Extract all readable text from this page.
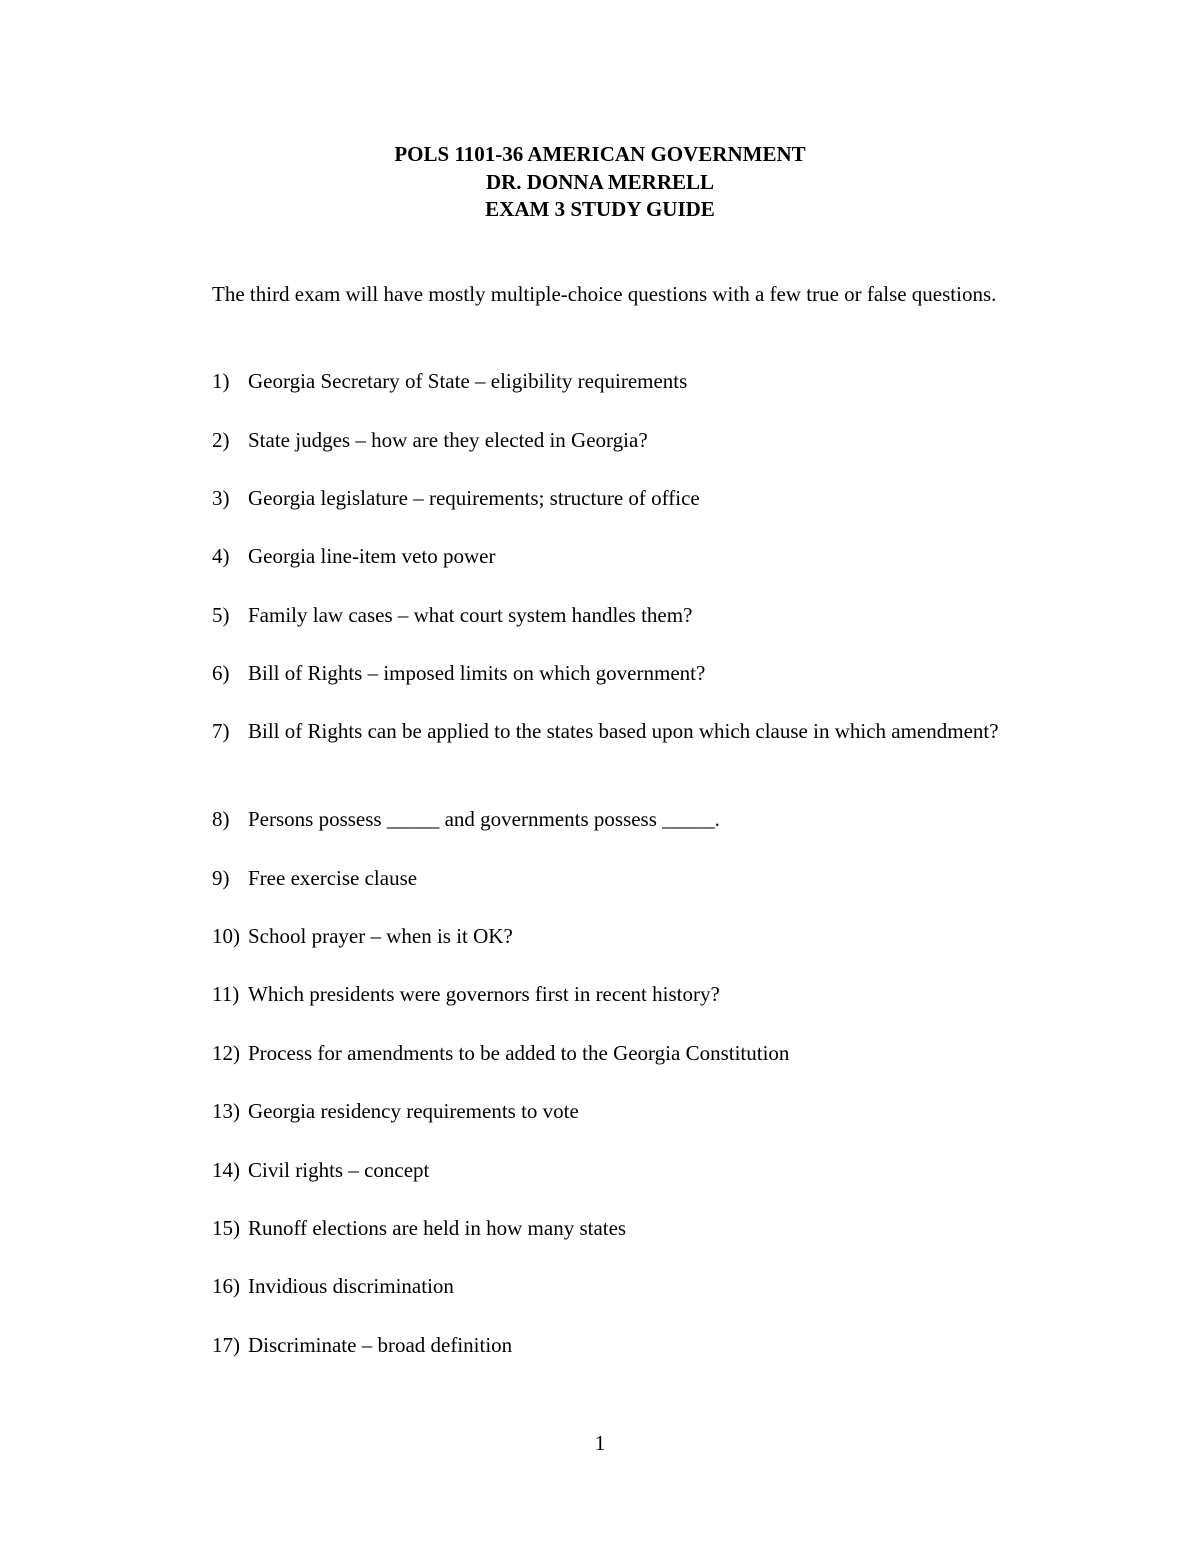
POLS 1101-36 AMERICAN GOVERNMENT
DR. DONNA MERRELL
EXAM 3 STUDY GUIDE
The third exam will have mostly multiple-choice questions with a few true or false questions.
1) Georgia Secretary of State – eligibility requirements
2) State judges – how are they elected in Georgia?
3) Georgia legislature – requirements; structure of office
4) Georgia line-item veto power
5) Family law cases – what court system handles them?
6) Bill of Rights – imposed limits on which government?
7) Bill of Rights can be applied to the states based upon which clause in which amendment?
8) Persons possess _____ and governments possess _____.
9) Free exercise clause
10) School prayer – when is it OK?
11) Which presidents were governors first in recent history?
12) Process for amendments to be added to the Georgia Constitution
13) Georgia residency requirements to vote
14) Civil rights – concept
15) Runoff elections are held in how many states
16) Invidious discrimination
17) Discriminate – broad definition
1
